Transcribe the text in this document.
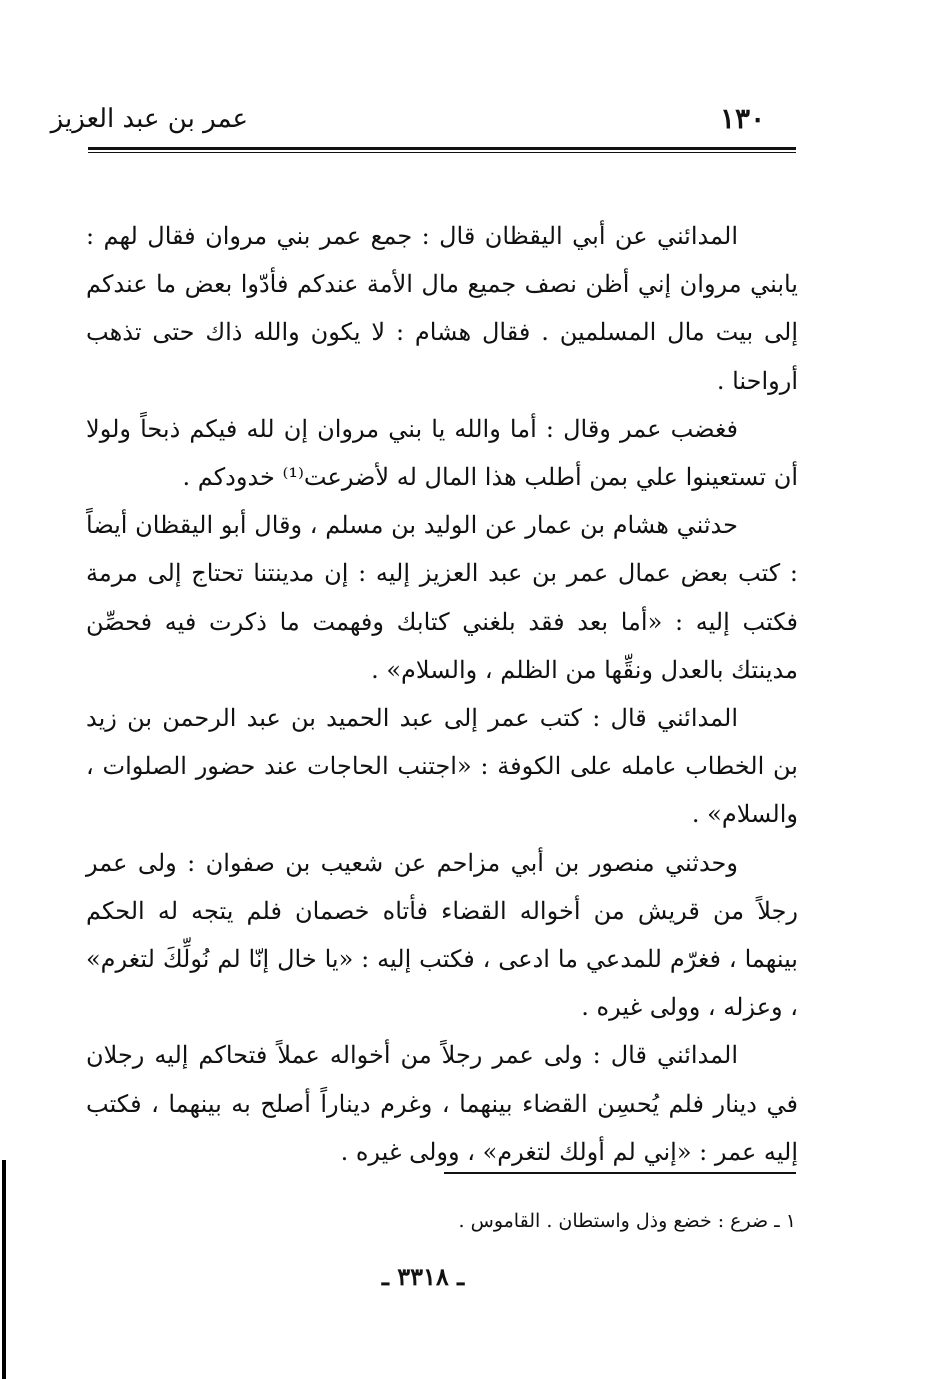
١٣٠
عمر بن عبد العزيز

المدائني عن أبي اليقظان قال : جمع عمر بني مروان فقال لهم : يابني مروان إني أظن نصف جميع مال الأمة عندكم فأدّوا بعض ما عندكم إلى بيت مال المسلمين . فقال هشام : لا يكون والله ذاك حتى تذهب أرواحنا .

فغضب عمر وقال : أما والله يا بني مروان إن لله فيكم ذبحاً ولولا أن تستعينوا علي بمن أطلب هذا المال له لأضرعت⁽¹⁾ خدودكم .

حدثني هشام بن عمار عن الوليد بن مسلم ، وقال أبو اليقظان أيضاً : كتب بعض عمال عمر بن عبد العزيز إليه : إن مدينتنا تحتاج إلى مرمة فكتب إليه : «أما بعد فقد بلغني كتابك وفهمت ما ذكرت فيه فحصِّن مدينتك بالعدل ونقِّها من الظلم ، والسلام» .

المدائني قال : كتب عمر إلى عبد الحميد بن عبد الرحمن بن زيد بن الخطاب عامله على الكوفة : «اجتنب الحاجات عند حضور الصلوات ، والسلام» .

وحدثني منصور بن أبي مزاحم عن شعيب بن صفوان : ولى عمر رجلاً من قريش من أخواله القضاء فأتاه خصمان فلم يتجه له الحكم بينهما ، فغرّم للمدعي ما ادعى ، فكتب إليه : «يا خال إنّا لم نُولِّكَ لتغرم» ، وعزله ، وولى غيره .

المدائني قال : ولى عمر رجلاً من أخواله عملاً فتحاكم إليه رجلان في دينار فلم يُحسِن القضاء بينهما ، وغرم ديناراً أصلح به بينهما ، فكتب إليه عمر : «إني لم أولك لتغرم» ، وولى غيره .

١ ـ ضرع : خضع وذل واستطان . القاموس .
ـ ٣٣١٨ ـ
